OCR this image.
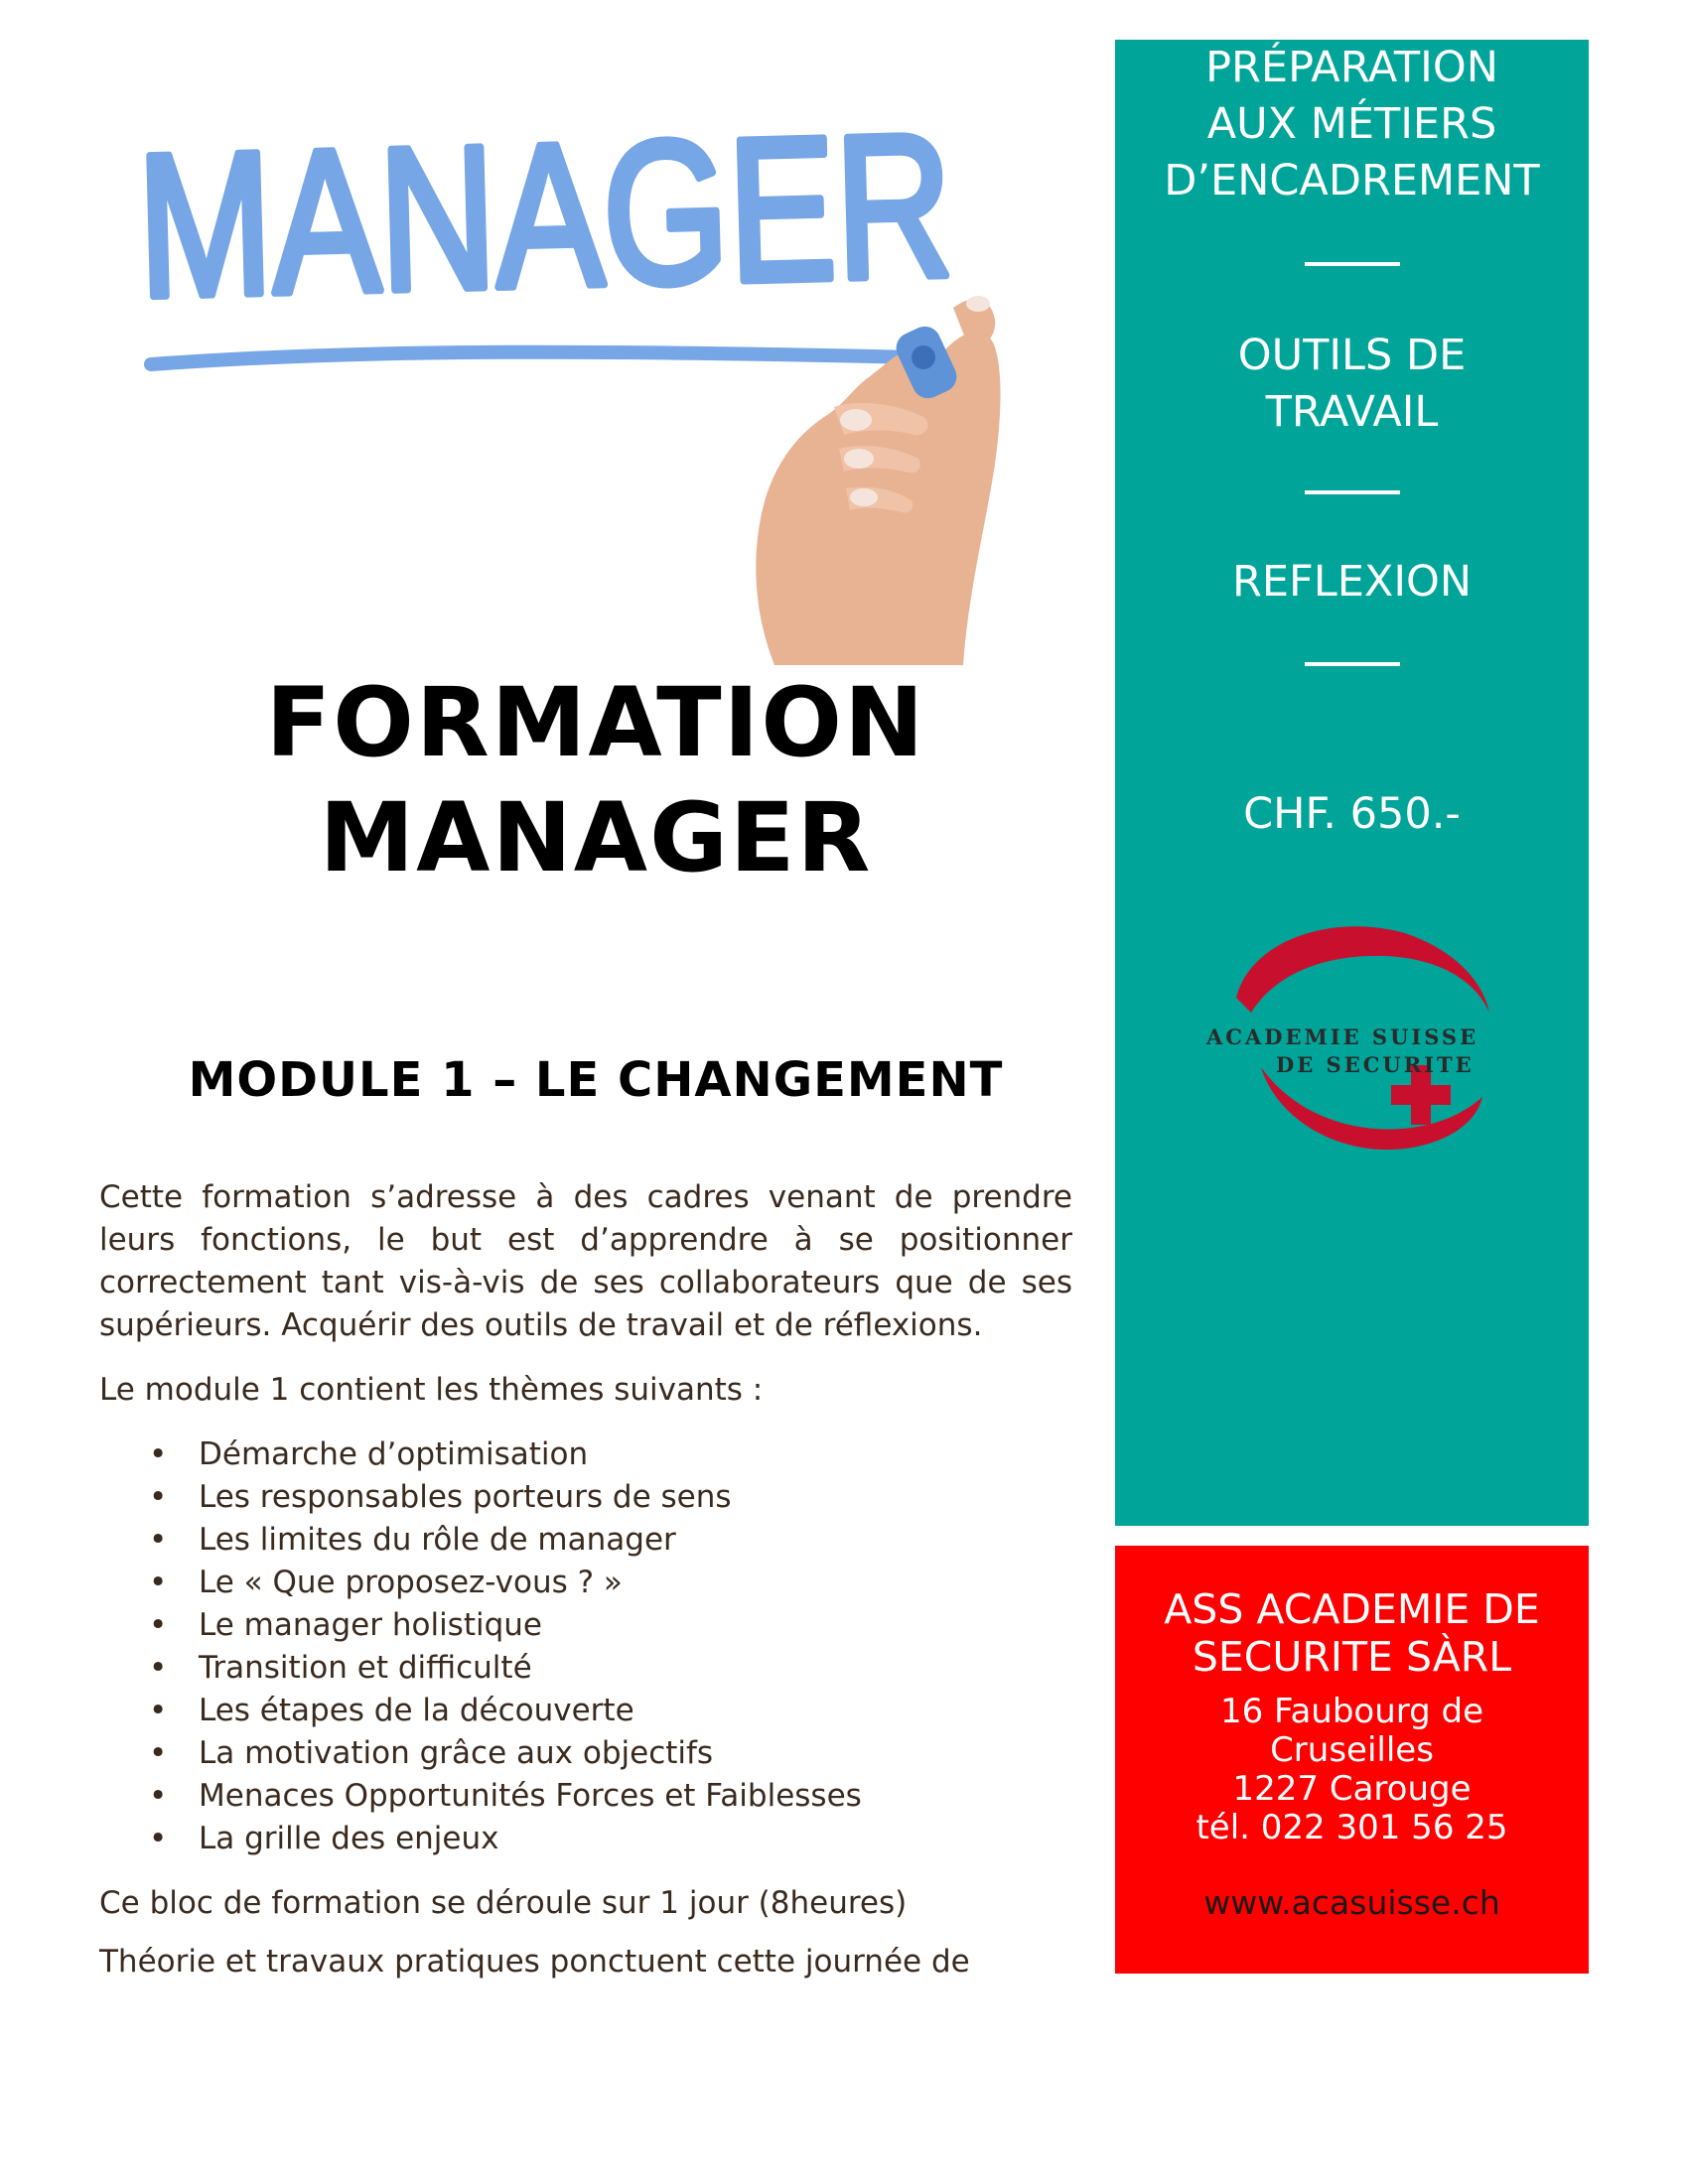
MANAGER
FORMATION
MANAGER
MODULE 1 – LE CHANGEMENT

Cette formation s’adresse à des cadres venant de prendre leurs fonctions, le but est d’apprendre à se positionner correctement tant vis-à-vis de ses collaborateurs que de ses supérieurs. Acquérir des outils de travail et de réflexions.

Le module 1 contient les thèmes suivants :

• Démarche d’optimisation
• Les responsables porteurs de sens
• Les limites du rôle de manager
• Le « Que proposez-vous ? »
• Le manager holistique
• Transition et difficulté
• Les étapes de la découverte
• La motivation grâce aux objectifs
• Menaces Opportunités Forces et Faiblesses
• La grille des enjeux

Ce bloc de formation se déroule sur 1 jour (8heures)

Théorie et travaux pratiques ponctuent cette journée de

PRÉPARATION AUX MÉTIERS D’ENCADREMENT
OUTILS DE TRAVAIL
REFLEXION
CHF. 650.-
ACADEMIE SUISSE
DE SECURITE
ASS ACADEMIE DE
SECURITE SÀRL
16 Faubourg de
Cruseilles
1227 Carouge
tél. 022 301 56 25
www.acasuisse.ch
